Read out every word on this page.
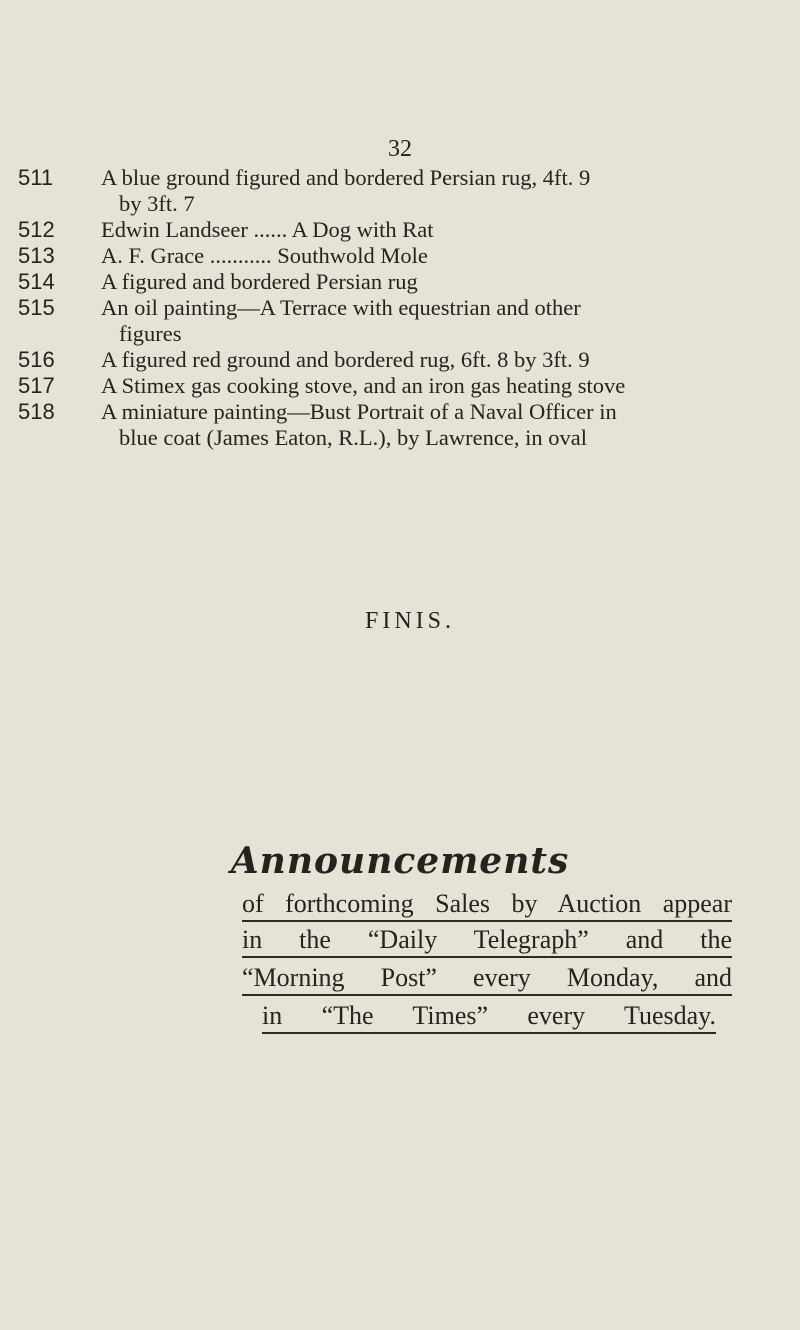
32
511	A blue ground figured and bordered Persian rug, 4ft. 9
by 3ft. 7
512	Edwin Landseer ...... A Dog with Rat
513	A. F. Grace ........... Southwold Mole
514	A figured and bordered Persian rug
515	An oil painting—A Terrace with equestrian and other
figures
516	A figured red ground and bordered rug, 6ft. 8 by 3ft. 9
517	A Stimex gas cooking stove, and an iron gas heating stove
518	A miniature painting—Bust Portrait of a Naval Officer in
blue coat (James Eaton, R.L.), by Lawrence, in oval
FINIS.
Announcements
of forthcoming Sales by Auction appear
in the “Daily Telegraph” and the
“Morning Post” every Monday, and
in “The Times” every Tuesday.
